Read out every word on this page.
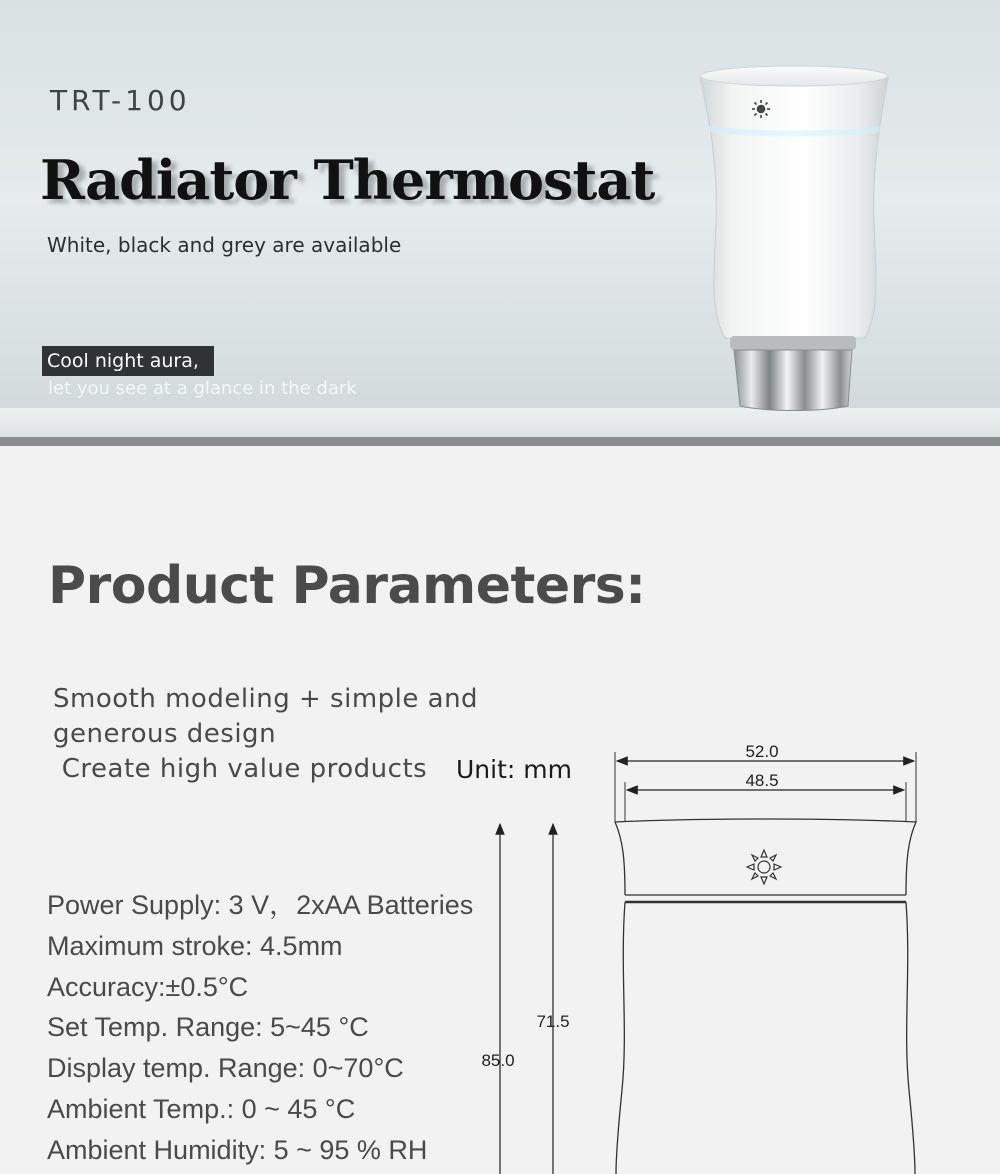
TRT-100
Radiator Thermostat
White, black and grey are available
Cool night aura,
let you see at a glance in the dark
Product Parameters:
Smooth modeling + simple and
generous design
Create high value products	Unit: mm
Power Supply: 3 V，2xAA Batteries
Maximum stroke: 4.5mm
Accuracy:±0.5°C
Set Temp. Range: 5~45 °C
Display temp. Range: 0~70°C
Ambient Temp.: 0 ~ 45 °C
Ambient Humidity: 5 ~ 95 % RH
52.0
48.5
85.0
71.5
